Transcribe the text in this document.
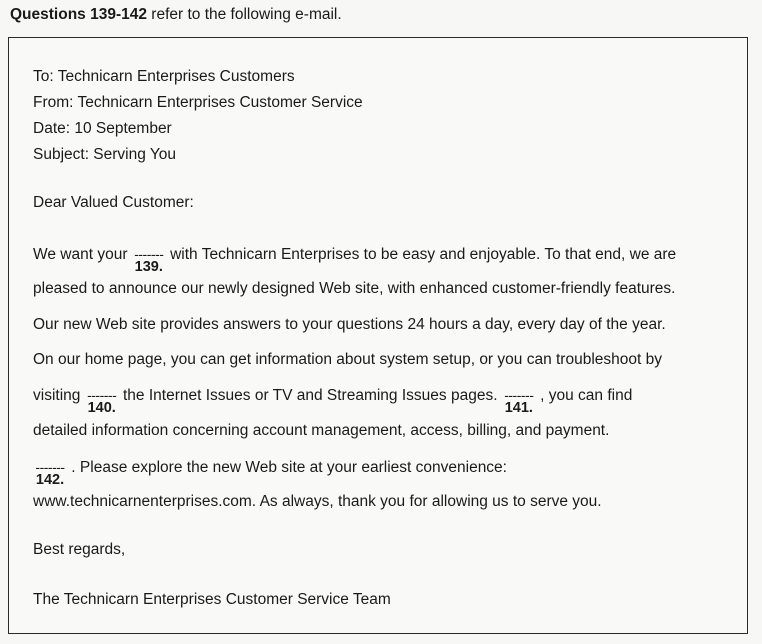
Questions 139-142 refer to the following e-mail.
To: Technicarn Enterprises Customers
From: Technicarn Enterprises Customer Service
Date: 10 September
Subject: Serving You
Dear Valued Customer:
We want your -------
139.
with Technicarn Enterprises to be easy and enjoyable. To that end, we are
pleased to announce our newly designed Web site, with enhanced customer-friendly features.
Our new Web site provides answers to your questions 24 hours a day, every day of the year.
On our home page, you can get information about system setup, or you can troubleshoot by
visiting -------
140.
the Internet Issues or TV and Streaming Issues pages. -------
141.
, you can find
detailed information concerning account management, access, billing, and payment.
-------
142.
. Please explore the new Web site at your earliest convenience:
www.technicarnenterprises.com. As always, thank you for allowing us to serve you.
Best regards,
The Technicarn Enterprises Customer Service Team
